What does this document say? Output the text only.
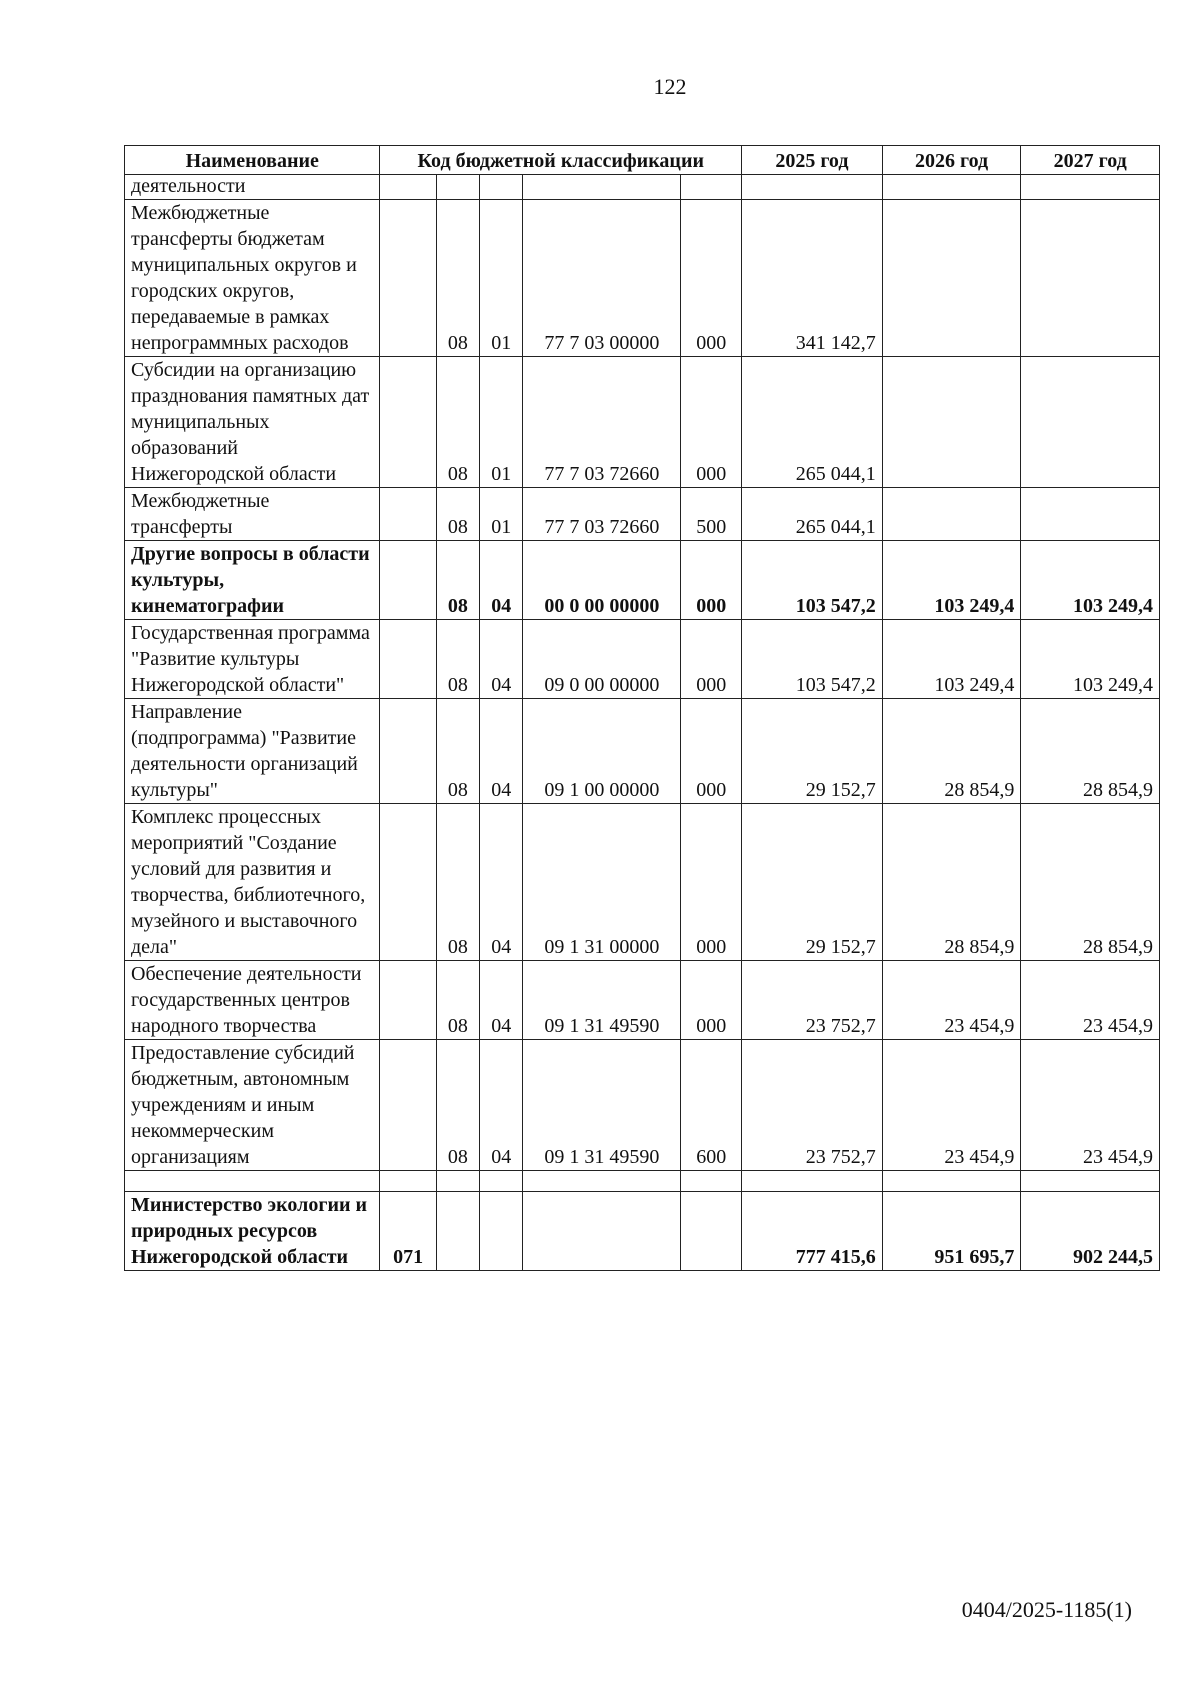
122
Наименование	Код бюджетной классификации					2025 год	2026 год	2027 год
деятельности								
Межбюджетные трансферты бюджетам муниципальных округов и городских округов, передаваемые в рамках непрограммных расходов		08	01	77 7 03 00000	000	341 142,7		
Субсидии на организацию празднования памятных дат муниципальных образований Нижегородской области		08	01	77 7 03 72660	000	265 044,1		
Межбюджетные трансферты		08	01	77 7 03 72660	500	265 044,1		
Другие вопросы в области культуры, кинематографии		08	04	00 0 00 00000	000	103 547,2	103 249,4	103 249,4
Государственная программа "Развитие культуры Нижегородской области"		08	04	09 0 00 00000	000	103 547,2	103 249,4	103 249,4
Направление (подпрограмма) "Развитие деятельности организаций культуры"		08	04	09 1 00 00000	000	29 152,7	28 854,9	28 854,9
Комплекс процессных мероприятий "Создание условий для развития и творчества, библиотечного, музейного и выставочного дела"		08	04	09 1 31 00000	000	29 152,7	28 854,9	28 854,9
Обеспечение деятельности государственных центров народного творчества		08	04	09 1 31 49590	000	23 752,7	23 454,9	23 454,9
Предоставление субсидий бюджетным, автономным учреждениям и иным некоммерческим организациям		08	04	09 1 31 49590	600	23 752,7	23 454,9	23 454,9

Министерство экологии и природных ресурсов Нижегородской области	071					777 415,6	951 695,7	902 244,5
0404/2025-1185(1)
